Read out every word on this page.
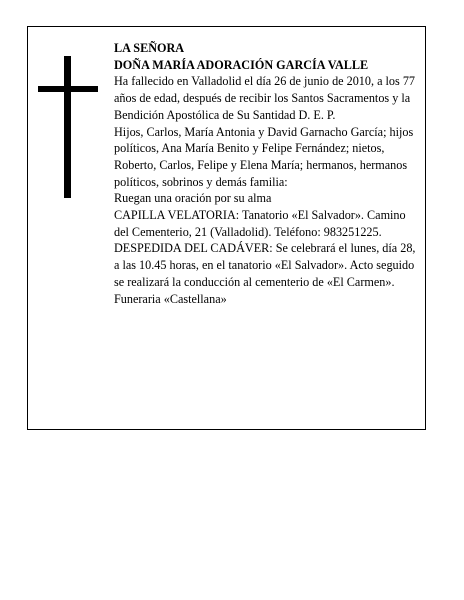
LA SEÑORA
DOÑA MARÍA ADORACIÓN GARCÍA VALLE

Ha fallecido en Valladolid el día 26 de junio de 2010, a los 77 años de edad, después de recibir los Santos Sacramentos y la Bendición Apostólica de Su Santidad D. E. P.

Hijos, Carlos, María Antonia y David Garnacho García; hijos políticos, Ana María Benito y Felipe Fernández; nietos, Roberto, Carlos, Felipe y Elena María; hermanos, hermanos políticos, sobrinos y demás familia:

Ruegan una oración por su alma

CAPILLA VELATORIA: Tanatorio «El Salvador». Camino del Cementerio, 21 (Valladolid). Teléfono: 983251225.

DESPEDIDA DEL CADÁVER: Se celebrará el lunes, día 28, a las 10.45 horas, en el tanatorio «El Salvador». Acto seguido se realizará la conducción al cementerio de «El Carmen».

Funeraria «Castellana»
